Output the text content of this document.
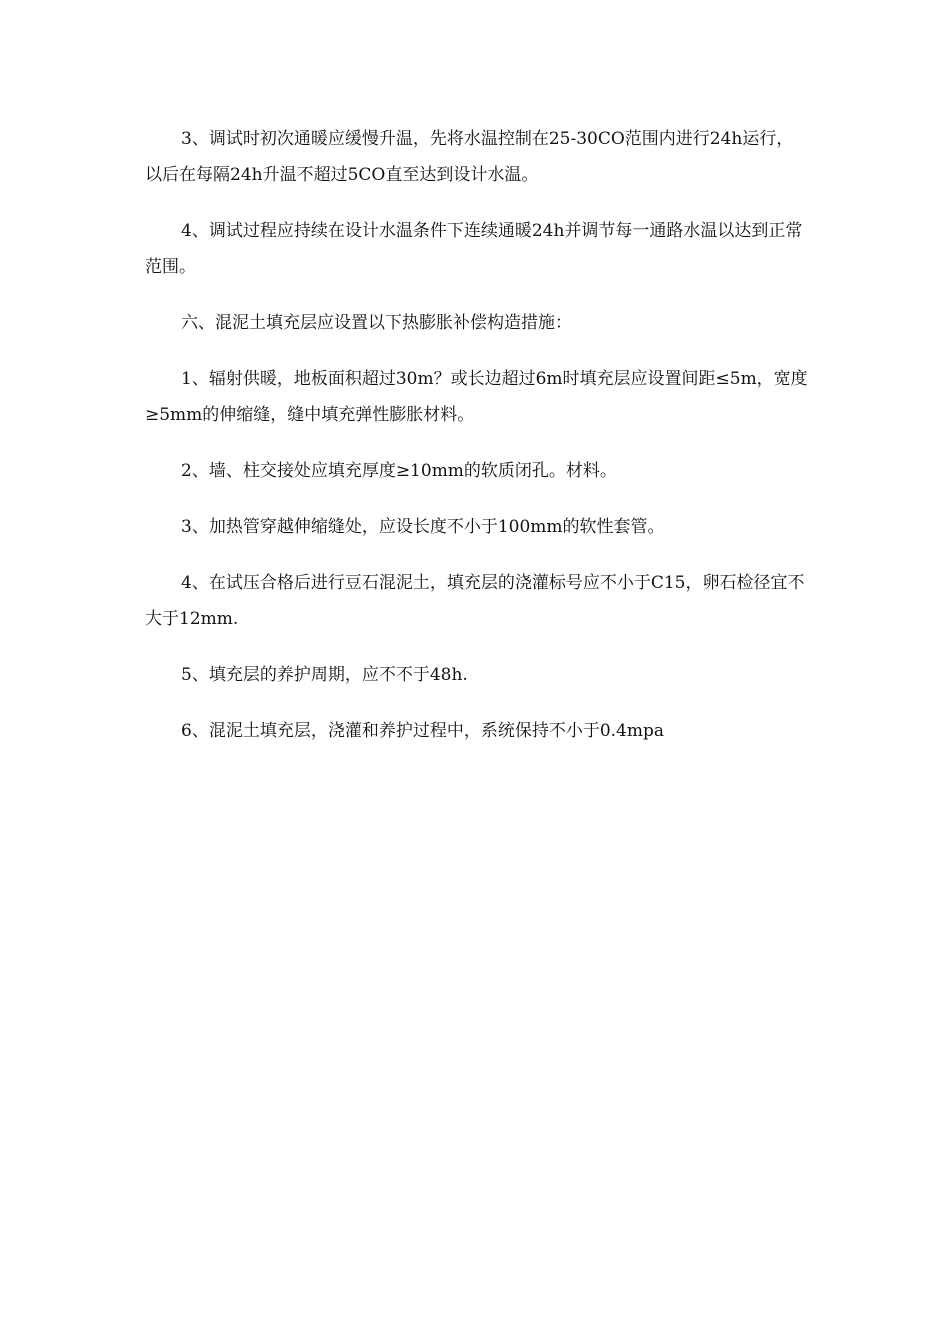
3、调试时初次通暖应缓慢升温，先将水温控制在25-30CO范围内进行24h运行，以后在每隔24h升温不超过5CO直至达到设计水温。

4、调试过程应持续在设计水温条件下连续通暖24h并调节每一通路水温以达到正常范围。

六、混泥土填充层应设置以下热膨胀补偿构造措施：

1、辐射供暖，地板面积超过30m？或长边超过6m时填充层应设置间距≤5m，宽度≥5mm的伸缩缝，缝中填充弹性膨胀材料。

2、墙、柱交接处应填充厚度≥10mm的软质闭孔。材料。

3、加热管穿越伸缩缝处，应设长度不小于100mm的软性套管。

4、在试压合格后进行豆石混泥土，填充层的浇灌标号应不小于C15，卵石检径宜不大于12mm.

5、填充层的养护周期，应不不于48h.

6、混泥土填充层，浇灌和养护过程中，系统保持不小于0.4mpa
